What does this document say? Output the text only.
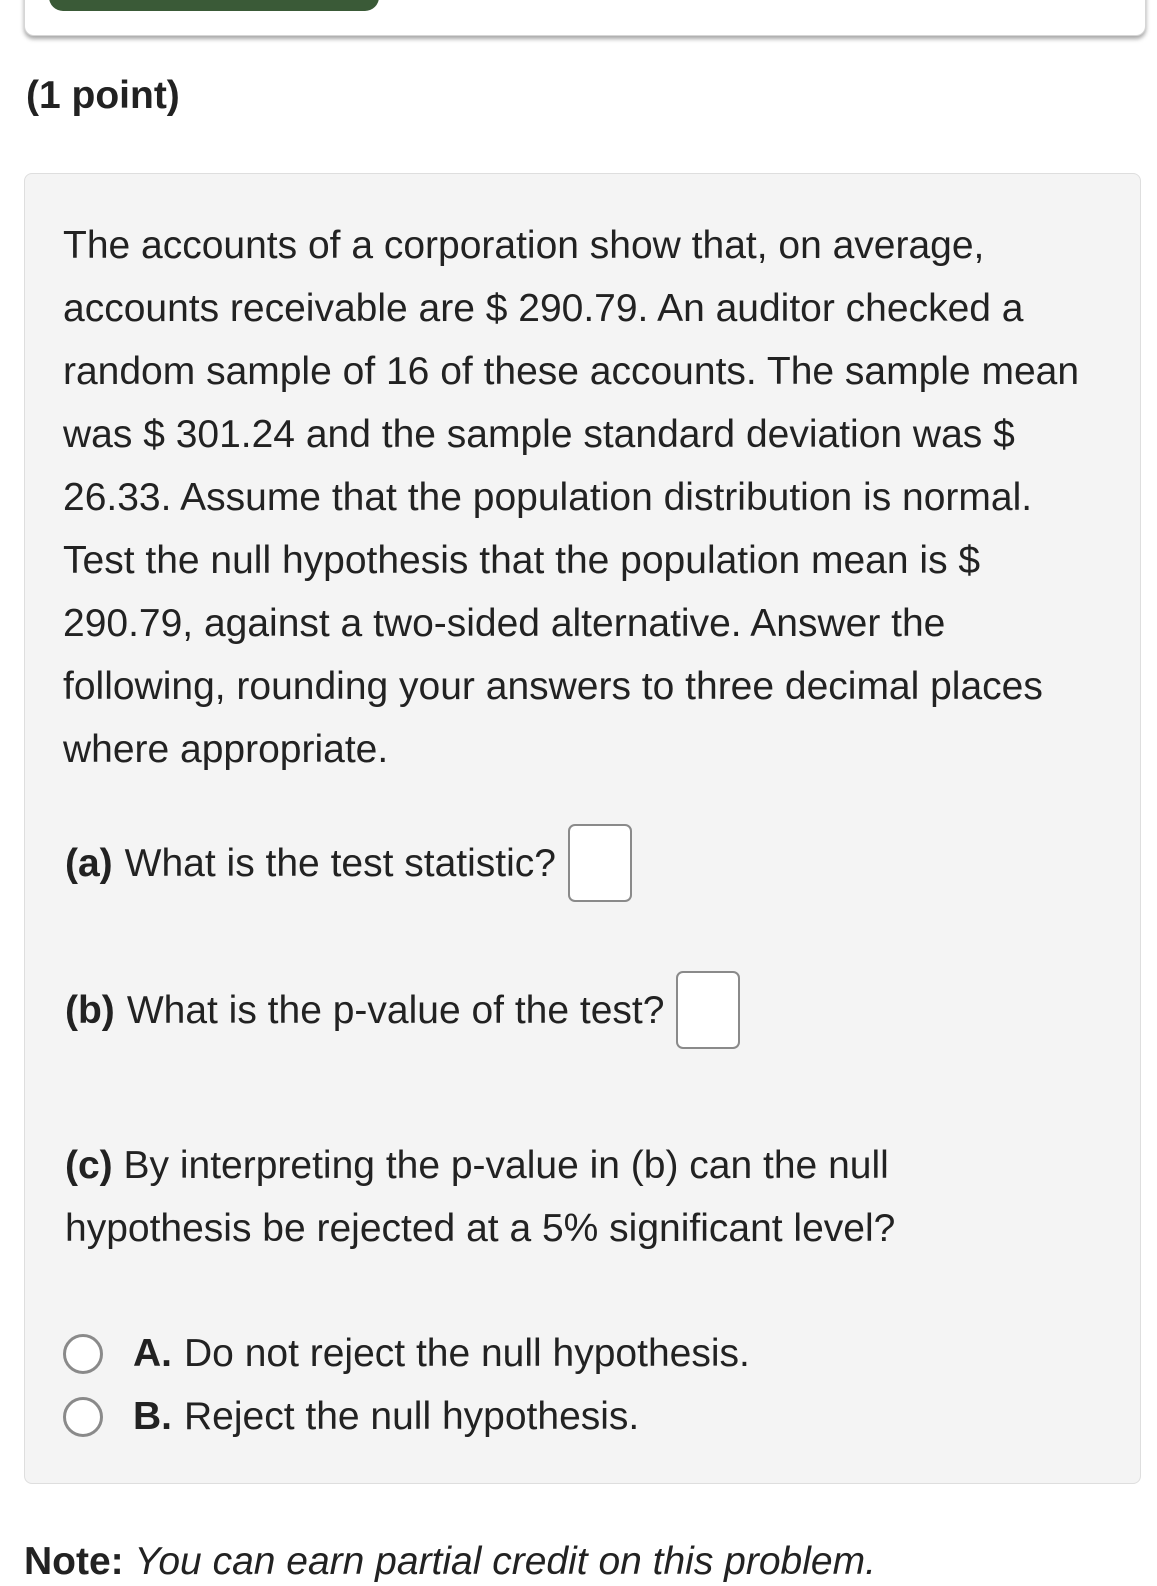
(1 point)
The accounts of a corporation show that, on average, accounts receivable are $ 290.79. An auditor checked a random sample of 16 of these accounts. The sample mean was $ 301.24 and the sample standard deviation was $ 26.33. Assume that the population distribution is normal. Test the null hypothesis that the population mean is $ 290.79, against a two-sided alternative. Answer the following, rounding your answers to three decimal places where appropriate.
(a) What is the test statistic?
(b) What is the p-value of the test?
(c) By interpreting the p-value in (b) can the null hypothesis be rejected at a 5% significant level?
A. Do not reject the null hypothesis.
B. Reject the null hypothesis.
Note: You can earn partial credit on this problem.
